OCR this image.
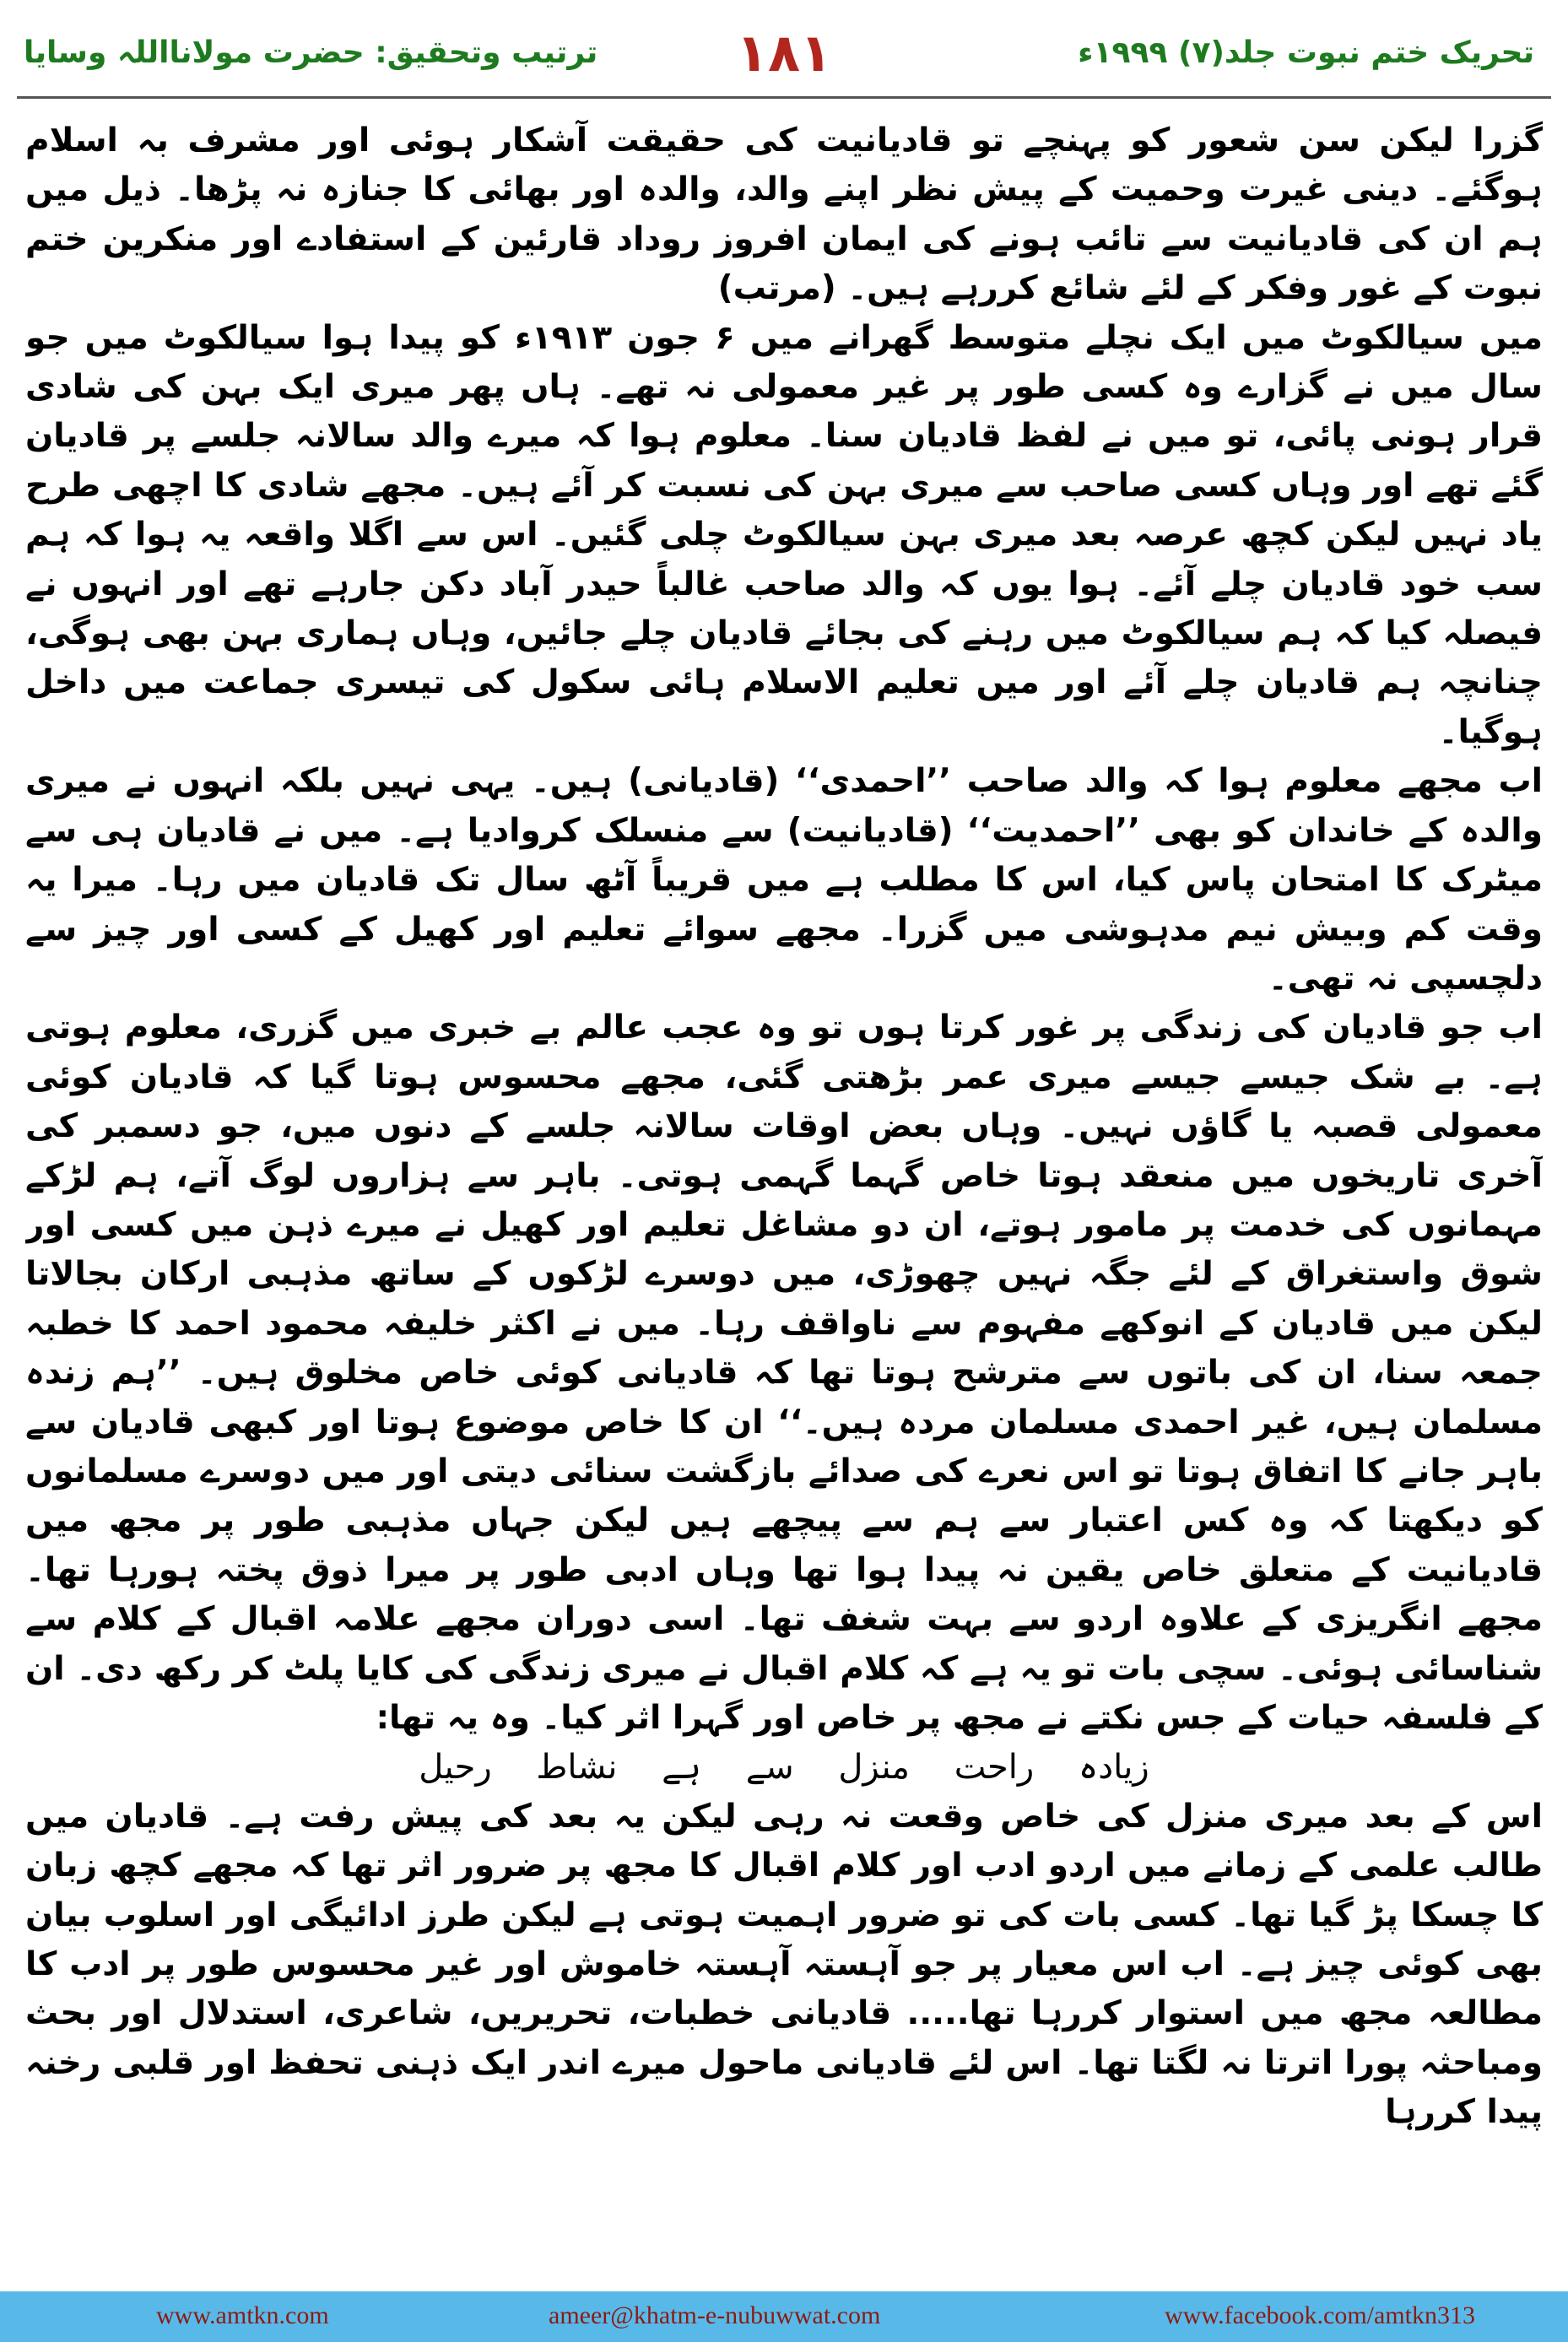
تحریک ختم نبوت جلد(۷) ۱۹۹۹ء
۱۸۱
ترتیب وتحقیق: حضرت مولانااللہ وسایا

گزرا لیکن سن شعور کو پہنچے تو قادیانیت کی حقیقت آشکار ہوئی اور مشرف بہ اسلام ہوگئے۔ دینی غیرت وحمیت کے پیش نظر اپنے والد، والدہ اور بھائی کا جنازہ نہ پڑھا۔ ذیل میں ہم ان کی قادیانیت سے تائب ہونے کی ایمان افروز روداد قارئین کے استفادے اور منکرین ختم نبوت کے غور وفکر کے لئے شائع کررہے ہیں۔ (مرتب)

میں سیالکوٹ میں ایک نچلے متوسط گھرانے میں ۶ جون ۱۹۱۳ء کو پیدا ہوا سیالکوٹ میں جو سال میں نے گزارے وہ کسی طور پر غیر معمولی نہ تھے۔ ہاں پھر میری ایک بہن کی شادی قرار ہونی پائی، تو میں نے لفظ قادیان سنا۔ معلوم ہوا کہ میرے والد سالانہ جلسے پر قادیان گئے تھے اور وہاں کسی صاحب سے میری بہن کی نسبت کر آئے ہیں۔ مجھے شادی کا اچھی طرح یاد نہیں لیکن کچھ عرصہ بعد میری بہن سیالکوٹ چلی گئیں۔ اس سے اگلا واقعہ یہ ہوا کہ ہم سب خود قادیان چلے آئے۔ ہوا یوں کہ والد صاحب غالباً حیدر آباد دکن جارہے تھے اور انہوں نے فیصلہ کیا کہ ہم سیالکوٹ میں رہنے کی بجائے قادیان چلے جائیں، وہاں ہماری بہن بھی ہوگی، چنانچہ ہم قادیان چلے آئے اور میں تعلیم الاسلام ہائی سکول کی تیسری جماعت میں داخل ہوگیا۔

اب مجھے معلوم ہوا کہ والد صاحب ’’احمدی‘‘ (قادیانی) ہیں۔ یہی نہیں بلکہ انہوں نے میری والدہ کے خاندان کو بھی ’’احمدیت‘‘ (قادیانیت) سے منسلک کروادیا ہے۔ میں نے قادیان ہی سے میٹرک کا امتحان پاس کیا، اس کا مطلب ہے میں قریباً آٹھ سال تک قادیان میں رہا۔ میرا یہ وقت کم وبیش نیم مدہوشی میں گزرا۔ مجھے سوائے تعلیم اور کھیل کے کسی اور چیز سے دلچسپی نہ تھی۔

اب جو قادیان کی زندگی پر غور کرتا ہوں تو وہ عجب عالم بے خبری میں گزری، معلوم ہوتی ہے۔ بے شک جیسے جیسے میری عمر بڑھتی گئی، مجھے محسوس ہوتا گیا کہ قادیان کوئی معمولی قصبہ یا گاؤں نہیں۔ وہاں بعض اوقات سالانہ جلسے کے دنوں میں، جو دسمبر کی آخری تاریخوں میں منعقد ہوتا خاص گہما گہمی ہوتی۔ باہر سے ہزاروں لوگ آتے، ہم لڑکے مہمانوں کی خدمت پر مامور ہوتے، ان دو مشاغل تعلیم اور کھیل نے میرے ذہن میں کسی اور شوق واستغراق کے لئے جگہ نہیں چھوڑی، میں دوسرے لڑکوں کے ساتھ مذہبی ارکان بجالاتا لیکن میں قادیان کے انوکھے مفہوم سے ناواقف رہا۔ میں نے اکثر خلیفہ محمود احمد کا خطبہ جمعہ سنا، ان کی باتوں سے مترشح ہوتا تھا کہ قادیانی کوئی خاص مخلوق ہیں۔ ’’ہم زندہ مسلمان ہیں، غیر احمدی مسلمان مردہ ہیں۔‘‘ ان کا خاص موضوع ہوتا اور کبھی قادیان سے باہر جانے کا اتفاق ہوتا تو اس نعرے کی صدائے بازگشت سنائی دیتی اور میں دوسرے مسلمانوں کو دیکھتا کہ وہ کس اعتبار سے ہم سے پیچھے ہیں لیکن جہاں مذہبی طور پر مجھ میں قادیانیت کے متعلق خاص یقین نہ پیدا ہوا تھا وہاں ادبی طور پر میرا ذوق پختہ ہورہا تھا۔ مجھے انگریزی کے علاوہ اردو سے بہت شغف تھا۔ اسی دوران مجھے علامہ اقبال کے کلام سے شناسائی ہوئی۔ سچی بات تو یہ ہے کہ کلام اقبال نے میری زندگی کی کایا پلٹ کر رکھ دی۔ ان کے فلسفہ حیات کے جس نکتے نے مجھ پر خاص اور گہرا اثر کیا۔ وہ یہ تھا:

زیادہ راحت منزل سے ہے نشاط رحیل

اس کے بعد میری منزل کی خاص وقعت نہ رہی لیکن یہ بعد کی پیش رفت ہے۔ قادیان میں طالب علمی کے زمانے میں اردو ادب اور کلام اقبال کا مجھ پر ضرور اثر تھا کہ مجھے کچھ زبان کا چسکا پڑ گیا تھا۔ کسی بات کی تو ضرور اہمیت ہوتی ہے لیکن طرز ادائیگی اور اسلوب بیان بھی کوئی چیز ہے۔ اب اس معیار پر جو آہستہ آہستہ خاموش اور غیر محسوس طور پر ادب کا مطالعہ مجھ میں استوار کررہا تھا..... قادیانی خطبات، تحریریں، شاعری، استدلال اور بحث ومباحثہ پورا اترتا نہ لگتا تھا۔ اس لئے قادیانی ماحول میرے اندر ایک ذہنی تحفظ اور قلبی رخنہ پیدا کررہا

www.amtkn.com	ameer@khatm-e-nubuwwat.com	www.facebook.com/amtkn313
